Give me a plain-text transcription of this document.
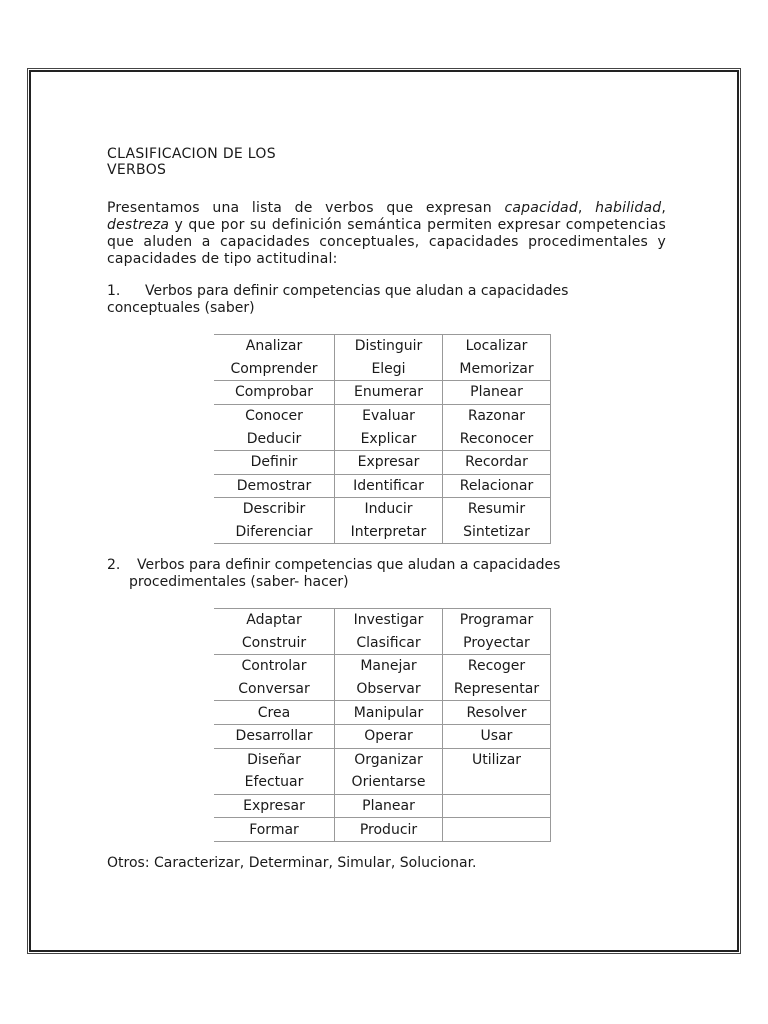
CLASIFICACION DE LOS
VERBOS
Presentamos una lista de verbos que expresan capacidad, habilidad, destreza y que por su definición semántica permiten expresar competencias que aluden a capacidades conceptuales, capacidades procedimentales y capacidades de tipo actitudinal:
1. Verbos para definir competencias que aludan a capacidades
conceptuales (saber)
2. Verbos para definir competencias que aludan a capacidades
procedimentales (saber- hacer)
Otros: Caracterizar, Determinar, Simular, Solucionar.
Analizar	Distinguir	Localizar
Comprender	Elegi	Memorizar
Comprobar	Enumerar	Planear
Conocer	Evaluar	Razonar
Deducir	Explicar	Reconocer
Definir	Expresar	Recordar
Demostrar	Identificar	Relacionar
Describir	Inducir	Resumir
Diferenciar	Interpretar	Sintetizar
Adaptar	Investigar	Programar
Construir	Clasificar	Proyectar
Controlar	Manejar	Recoger
Conversar	Observar	Representar
Crea	Manipular	Resolver
Desarrollar	Operar	Usar
Diseñar	Organizar	Utilizar
Efectuar	Orientarse	
Expresar	Planear	
Formar	Producir	
